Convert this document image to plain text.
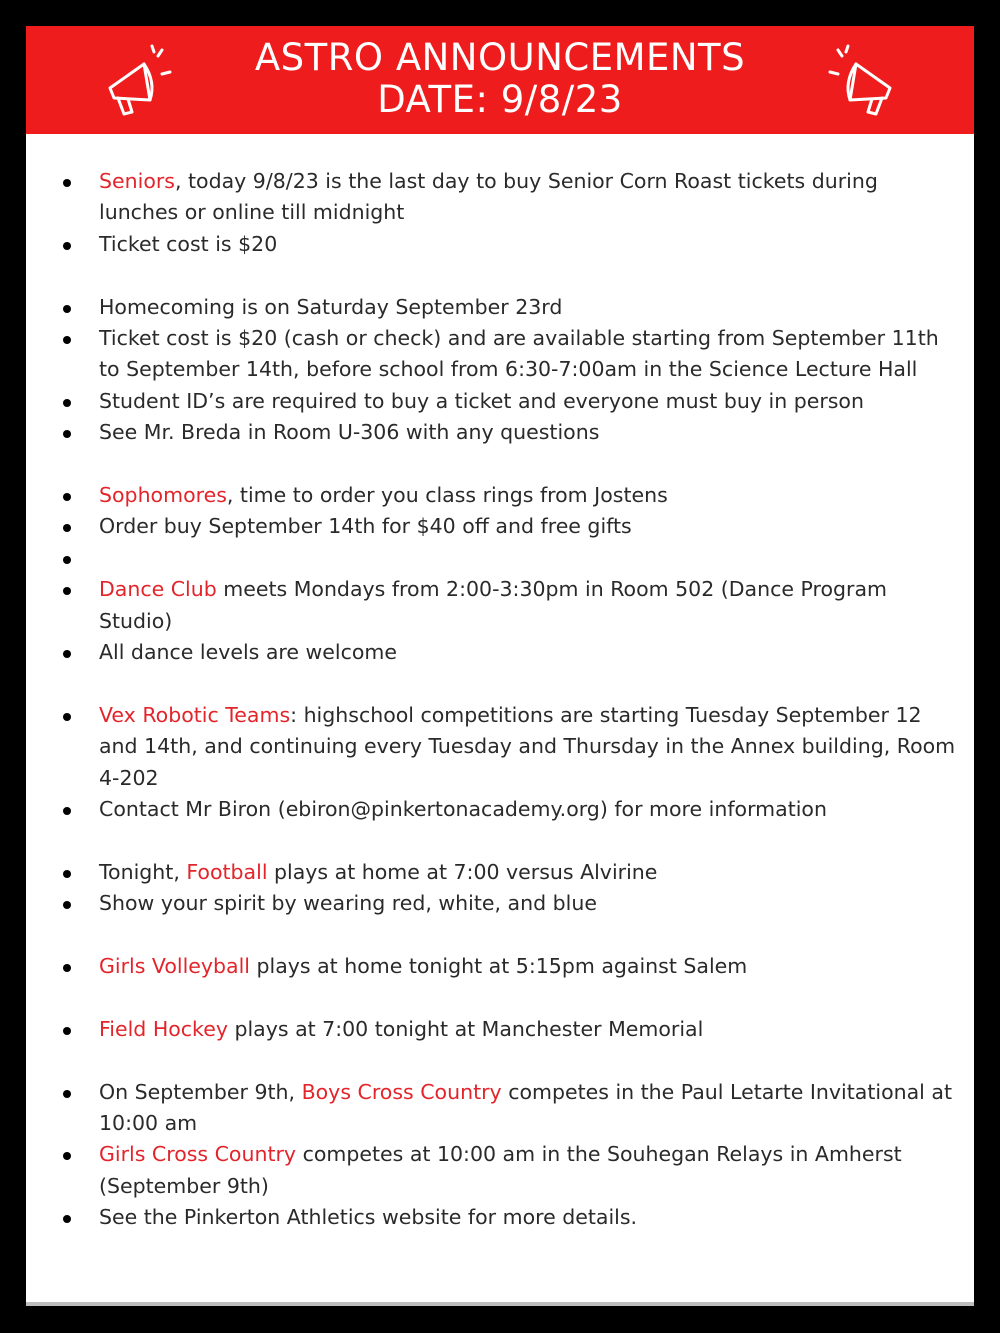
ASTRO ANNOUNCEMENTS
DATE: 9/8/23
Seniors, today 9/8/23 is the last day to buy Senior Corn Roast tickets during lunches or online till midnight
Ticket cost is $20
Homecoming is on Saturday September 23rd
Ticket cost is $20 (cash or check) and are available starting from September 11th to September 14th, before school from 6:30-7:00am in the Science Lecture Hall
Student ID’s are required to buy a ticket and everyone must buy in person
See Mr. Breda in Room U-306 with any questions
Sophomores, time to order you class rings from Jostens
Order buy September 14th for $40 off and free gifts
Dance Club meets Mondays from 2:00-3:30pm in Room 502 (Dance Program Studio)
All dance levels are welcome
Vex Robotic Teams: highschool competitions are starting Tuesday September 12 and 14th, and continuing every Tuesday and Thursday in the Annex building, Room 4-202
Contact Mr Biron (ebiron@pinkertonacademy.org) for more information
Tonight, Football plays at home at 7:00 versus Alvirine
Show your spirit by wearing red, white, and blue
Girls Volleyball plays at home tonight at 5:15pm against Salem
Field Hockey plays at 7:00 tonight at Manchester Memorial
On September 9th, Boys Cross Country competes in the Paul Letarte Invitational at 10:00 am
Girls Cross Country competes at 10:00 am in the Souhegan Relays in Amherst (September 9th)
See the Pinkerton Athletics website for more details.
